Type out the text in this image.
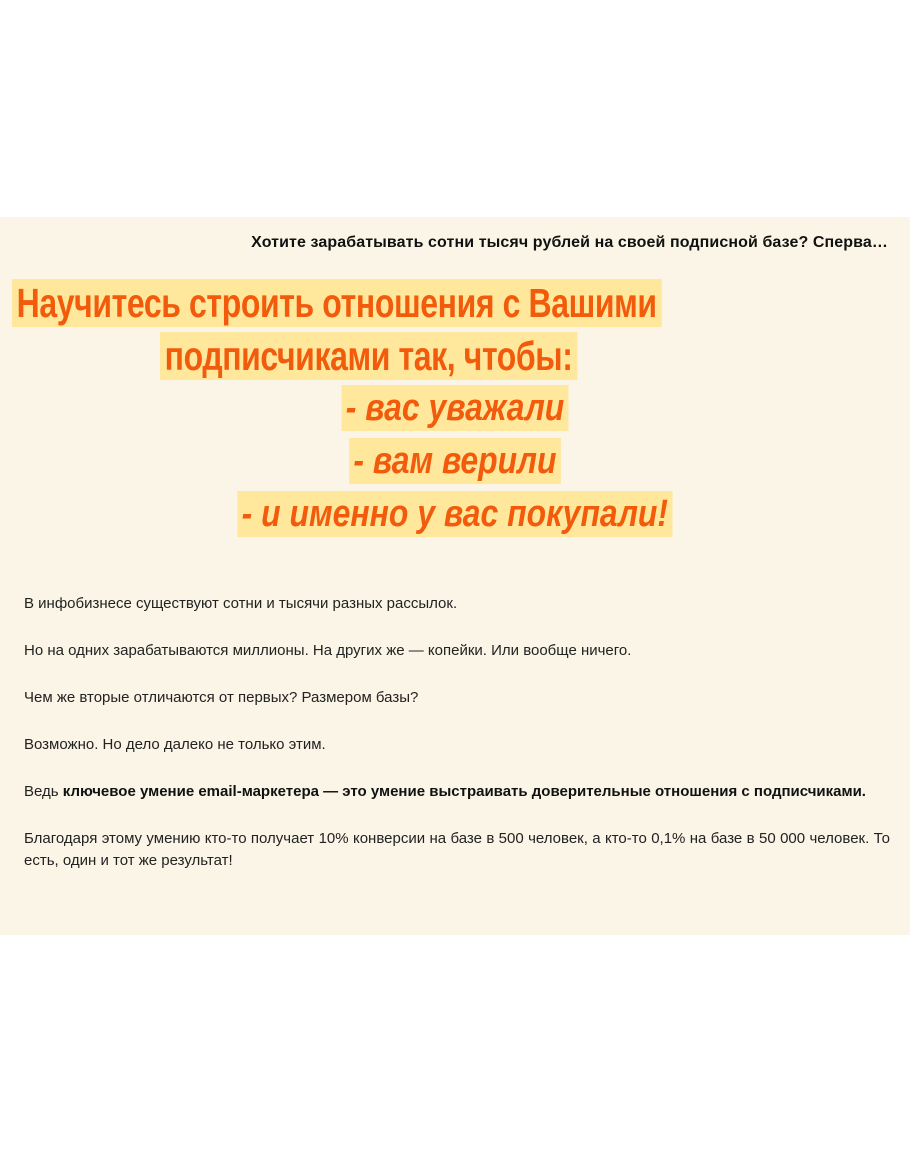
Хотите зарабатывать сотни тысяч рублей на своей подписной базе? Сперва…
Научитесь строить отношения с Вашими
подписчиками так, чтобы:
- вас уважали
- вам верили
- и именно у вас покупали!

В инфобизнесе существуют сотни и тысячи разных рассылок.

Но на одних зарабатываются миллионы. На других же — копейки. Или вообще ничего.

Чем же вторые отличаются от первых? Размером базы?

Возможно. Но дело далеко не только этим.

Ведь ключевое умение email-маркетера — это умение выстраивать доверительные отношения с подписчиками.

Благодаря этому умению кто-то получает 10% конверсии на базе в 500 человек, а кто-то 0,1% на базе в 50 000 человек. То есть, один и тот же результат!
